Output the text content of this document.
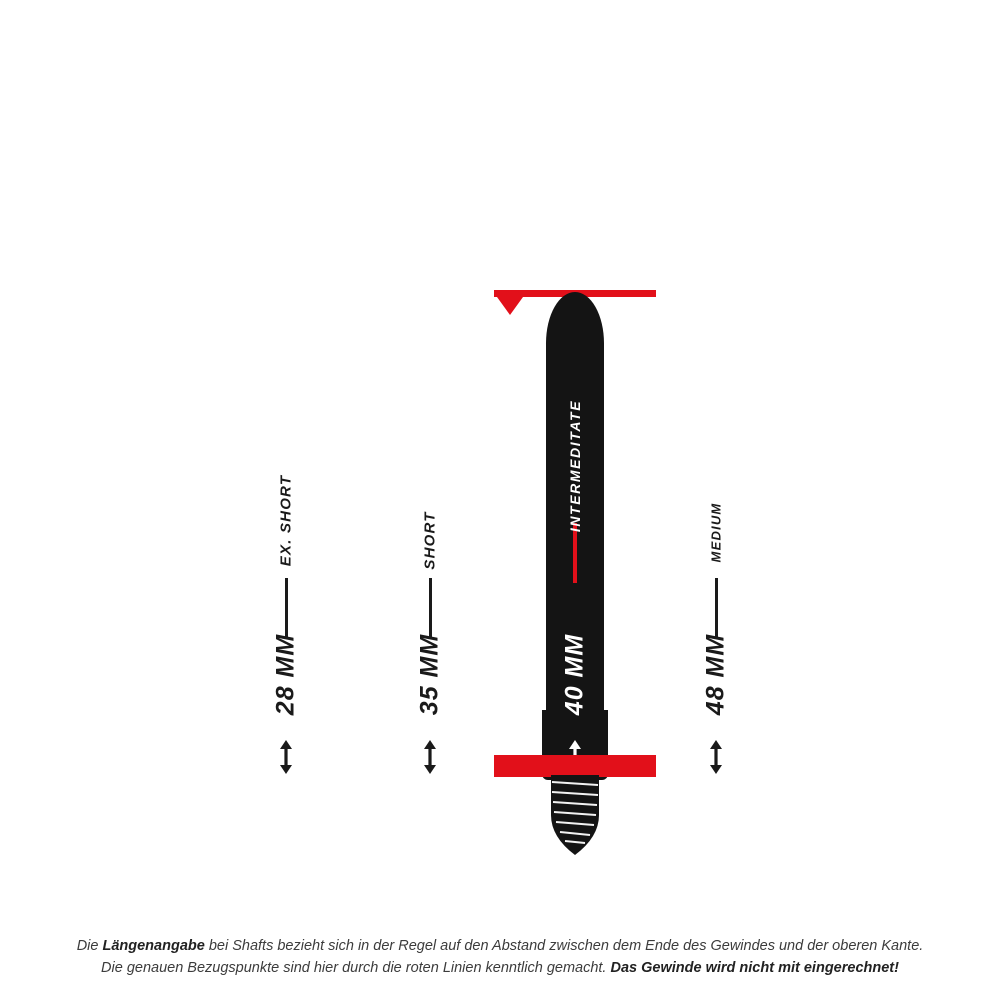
EX. SHORT
28 MM
SHORT
35 MM
MEDIUM
48 MM
INTERMEDITATE
40 MM
Die Längenangabe bei Shafts bezieht sich in der Regel auf den Abstand zwischen dem Ende des Gewindes und der oberen Kante.
Die genauen Bezugspunkte sind hier durch die roten Linien kenntlich gemacht. Das Gewinde wird nicht mit eingerechnet!
